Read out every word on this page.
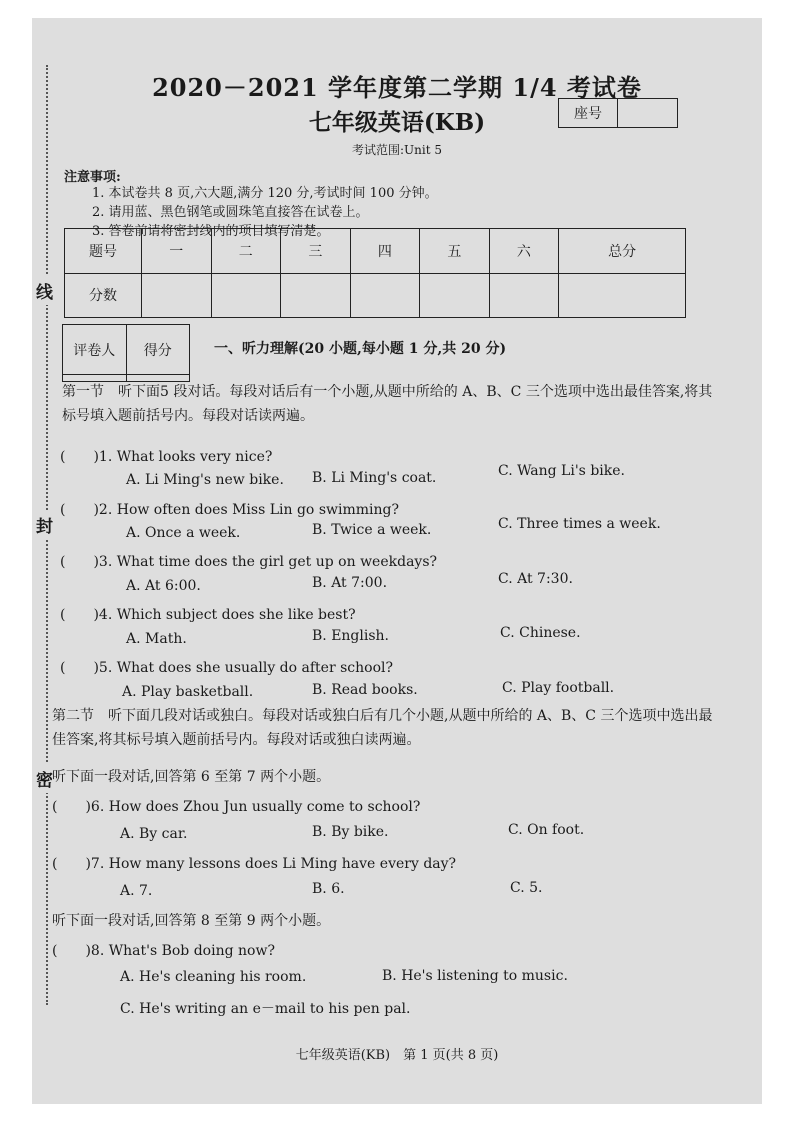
线
封
密
2020－2021 学年度第二学期 1/4 考试卷
七年级英语(KB)
考试范围:Unit 5
座号
注意事项:
1. 本试卷共 8 页,六大题,满分 120 分,考试时间 100 分钟。
2. 请用蓝、黑色钢笔或圆珠笔直接答在试卷上。
3. 答卷前请将密封线内的项目填写清楚。
题号	一	二	三	四	五	六	总分
分数							
评卷人	得分
		一、听力理解(20 小题,每小题 1 分,共 20 分)
第一节　听下面5 段对话。每段对话后有一个小题,从题中所给的 A、B、C 三个选项中选出最佳答案,将其标号填入题前括号内。每段对话读两遍。
(　　)1. What looks very nice?
A. Li Ming's new bike. B. Li Ming's coat.	C. Wang Li's bike.
(　　)2. How often does Miss Lin go swimming?
A. Once a week.	B. Twice a week.	C. Three times a week.
(　　)3. What time does the girl get up on weekdays?
A. At 6:00.	B. At 7:00.	C. At 7:30.
(　　)4. Which subject does she like best?
A. Math.	B. English.	C. Chinese.
(　　)5. What does she usually do after school?
A. Play basketball.	B. Read books.	C. Play football.
第二节　听下面几段对话或独白。每段对话或独白后有几个小题,从题中所给的 A、B、C 三个选项中选出最佳答案,将其标号填入题前括号内。每段对话或独白读两遍。
听下面一段对话,回答第 6 至第 7 两个小题。
(　　)6. How does Zhou Jun usually come to school?
A. By car.	B. By bike.	C. On foot.
(　　)7. How many lessons does Li Ming have every day?
A. 7.	B. 6.	C. 5.
听下面一段对话,回答第 8 至第 9 两个小题。
(　　)8. What's Bob doing now?
A. He's cleaning his room.	B. He's listening to music.
C. He's writing an e－mail to his pen pal.
七年级英语(KB)　第 1 页(共 8 页)
